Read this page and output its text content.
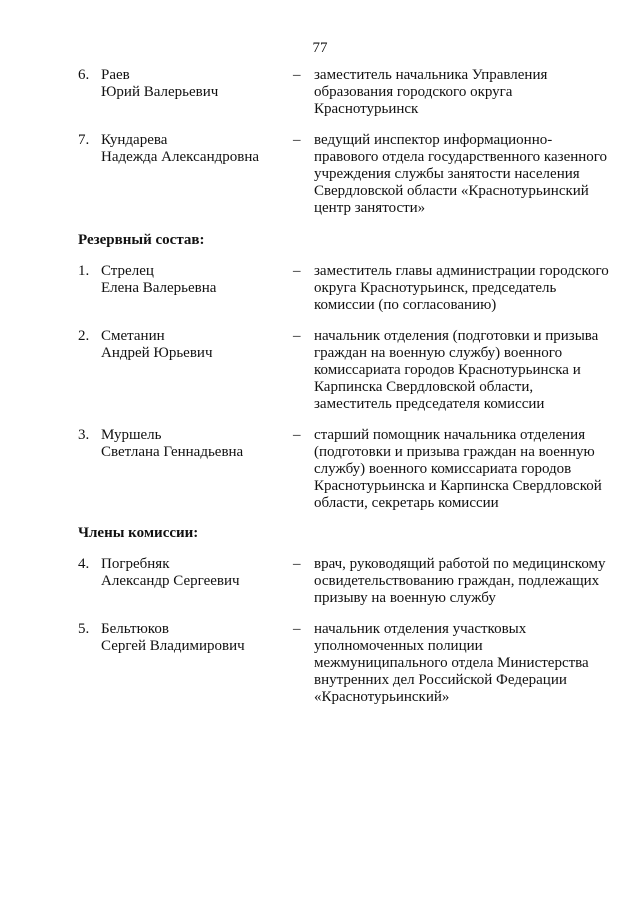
77
6. Раев
Юрий Валерьевич
– заместитель начальника Управления
образования городского округа
Краснотурьинск
7. Кундарева
Надежда Александровна
– ведущий инспектор информационно-
правового отдела государственного казенного
учреждения службы занятости населения
Свердловской области «Краснотурьинский
центр занятости»
Резервный состав:
1. Стрелец
Елена Валерьевна
– заместитель главы администрации городского
округа Краснотурьинск, председатель
комиссии (по согласованию)
2. Сметанин
Андрей Юрьевич
– начальник отделения (подготовки и призыва
граждан на военную службу) военного
комиссариата городов Краснотурьинска и
Карпинска Свердловской области,
заместитель председателя комиссии
3. Муршель
Светлана Геннадьевна
– старший помощник начальника отделения
(подготовки и призыва граждан на военную
службу) военного комиссариата городов
Краснотурьинска и Карпинска Свердловской
области, секретарь комиссии
Члены комиссии:
4. Погребняк
Александр Сергеевич
– врач, руководящий работой по медицинскому
освидетельствованию граждан, подлежащих
призыву на военную службу
5. Бельтюков
Сергей Владимирович
– начальник отделения участковых
уполномоченных полиции
межмуниципального отдела Министерства
внутренних дел Российской Федерации
«Краснотурьинский»
